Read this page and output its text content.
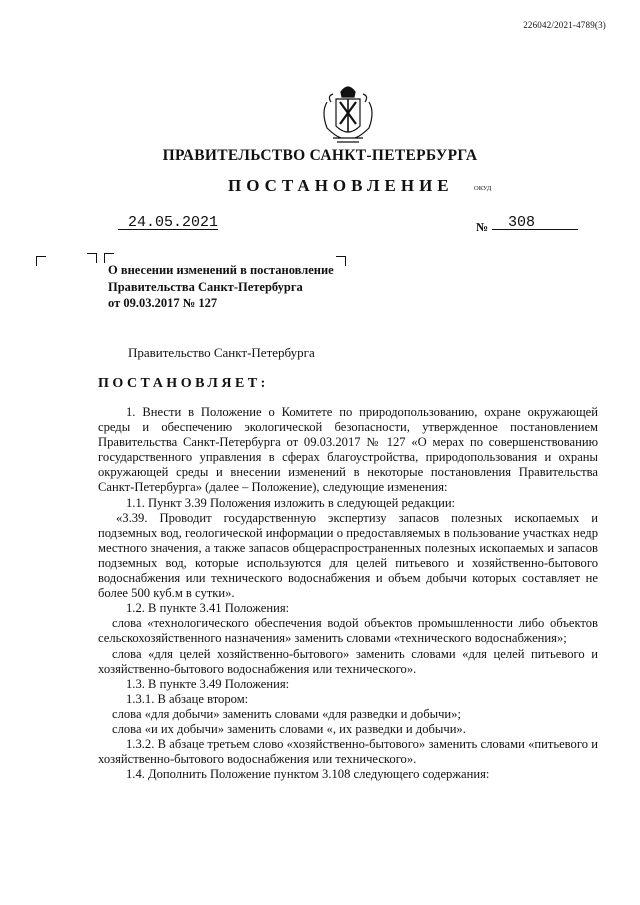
226042/2021-4789(3)
ПРАВИТЕЛЬСТВО САНКТ-ПЕТЕРБУРГА
ПОСТАНОВЛЕНИЕ	ОКУД
24.05.2021	№	308
О внесении изменений в постановление
Правительства Санкт-Петербурга
от 09.03.2017 № 127
Правительство Санкт-Петербурга
ПОСТАНОВЛЯЕТ:

1. Внести в Положение о Комитете по природопользованию, охране окружающей среды и обеспечению экологической безопасности, утвержденное постановлением Правительства Санкт-Петербурга от 09.03.2017 № 127 «О мерах по совершенствованию государственного управления в сферах благоустройства, природопользования и охраны окружающей среды и внесении изменений в некоторые постановления Правительства Санкт-Петербурга» (далее – Положение), следующие изменения:

1.1. Пункт 3.39 Положения изложить в следующей редакции:

«3.39. Проводит государственную экспертизу запасов полезных ископаемых и подземных вод, геологической информации о предоставляемых в пользование участках недр местного значения, а также запасов общераспространенных полезных ископаемых и запасов подземных вод, которые используются для целей питьевого и хозяйственно-бытового водоснабжения или технического водоснабжения и объем добычи которых составляет не более 500 куб.м в сутки».

1.2. В пункте 3.41 Положения:

слова «технологического обеспечения водой объектов промышленности либо объектов сельскохозяйственного назначения» заменить словами «технического водоснабжения»;

слова «для целей хозяйственно-бытового» заменить словами «для целей питьевого и хозяйственно-бытового водоснабжения или технического».

1.3. В пункте 3.49 Положения:

1.3.1. В абзаце втором:

слова «для добычи» заменить словами «для разведки и добычи»;

слова «и их добычи» заменить словами «, их разведки и добычи».

1.3.2. В абзаце третьем слово «хозяйственно-бытового» заменить словами «питьевого и хозяйственно-бытового водоснабжения или технического».

1.4. Дополнить Положение пунктом 3.108 следующего содержания:
